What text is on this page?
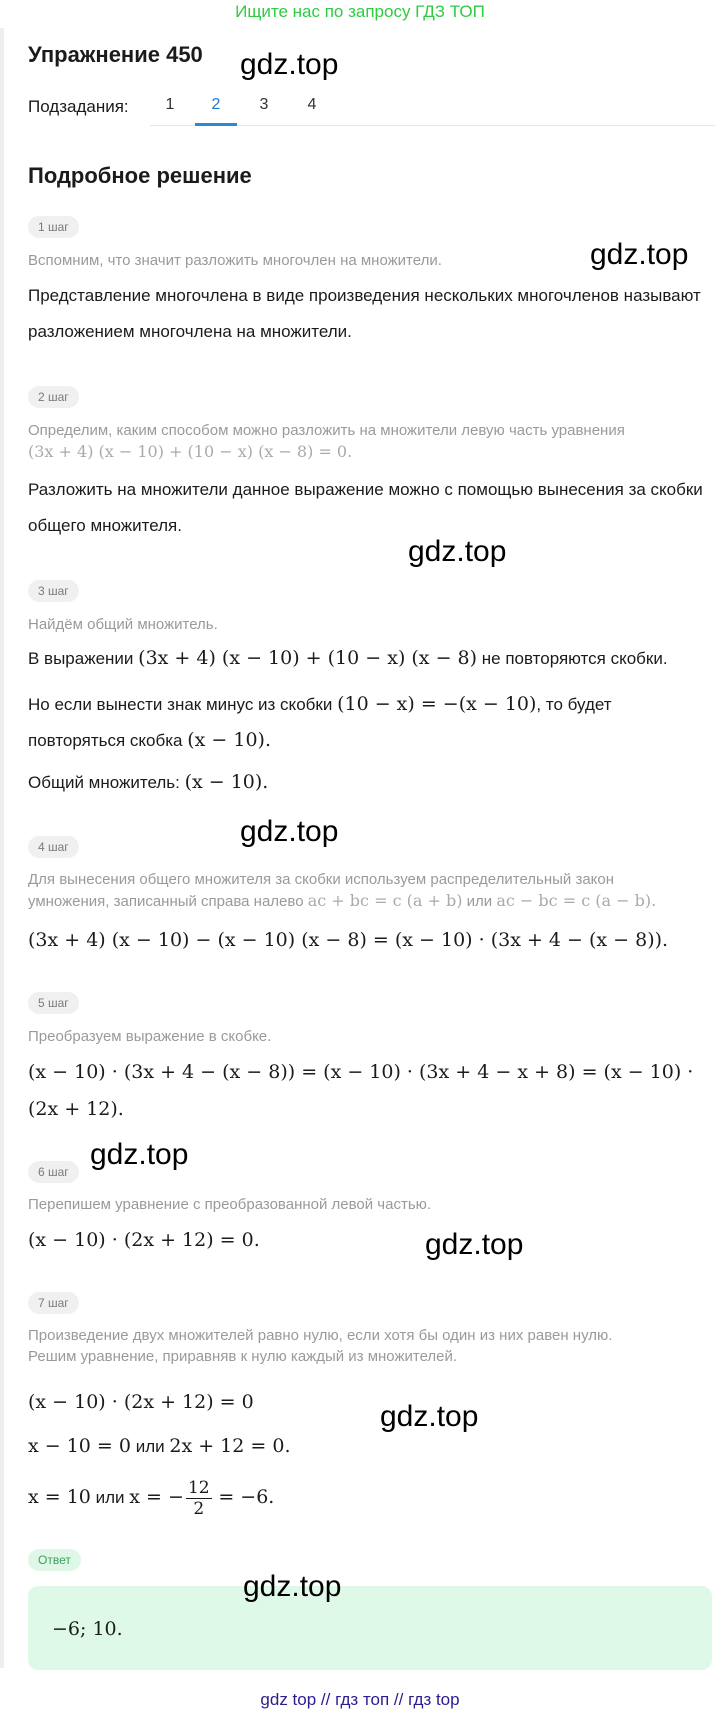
Ищите нас по запросу ГДЗ ТОП
Упражнение 450
Подзадания:	1	2	3	4
Подробное решение
1 шаг
Вспомним, что значит разложить многочлен на множители.
Представление многочлена в виде произведения нескольких многочленов называют разложением многочлена на множители.
2 шаг
Определим, каким способом можно разложить на множители левую часть уравнения
(3x + 4) (x − 10) + (10 − x) (x − 8) = 0.
Разложить на множители данное выражение можно с помощью вынесения за скобки общего множителя.
3 шаг
Найдём общий множитель.
В выражении (3x + 4) (x − 10) + (10 − x) (x − 8) не повторяются скобки.
Но если вынести знак минус из скобки (10 − x) = −(x − 10), то будет
повторяться скобка (x − 10).
Общий множитель: (x − 10).
4 шаг
Для вынесения общего множителя за скобки используем распределительный закон
умножения, записанный справа налево ac + bc = c (a + b) или ac − bc = c (a − b).
(3x + 4) (x − 10) − (x − 10) (x − 8) = (x − 10) · (3x + 4 − (x − 8)).
5 шаг
Преобразуем выражение в скобке.
(x − 10) · (3x + 4 − (x − 8)) = (x − 10) · (3x + 4 − x + 8) = (x − 10) ·
(2x + 12).
6 шаг
Перепишем уравнение с преобразованной левой частью.
(x − 10) · (2x + 12) = 0.
7 шаг
Произведение двух множителей равно нулю, если хотя бы один из них равен нулю.
Решим уравнение, приравняв к нулю каждый из множителей.
(x − 10) · (2x + 12) = 0
x − 10 = 0 или 2x + 12 = 0.
x = 10 или x = − $\frac{12}{2} = -6$.
Ответ
−6; 10.
gdz.top
gdz.top
gdz.top
gdz.top
gdz.top
gdz.top
gdz.top
gdz.top
gdz top // гдз топ // гдз top
